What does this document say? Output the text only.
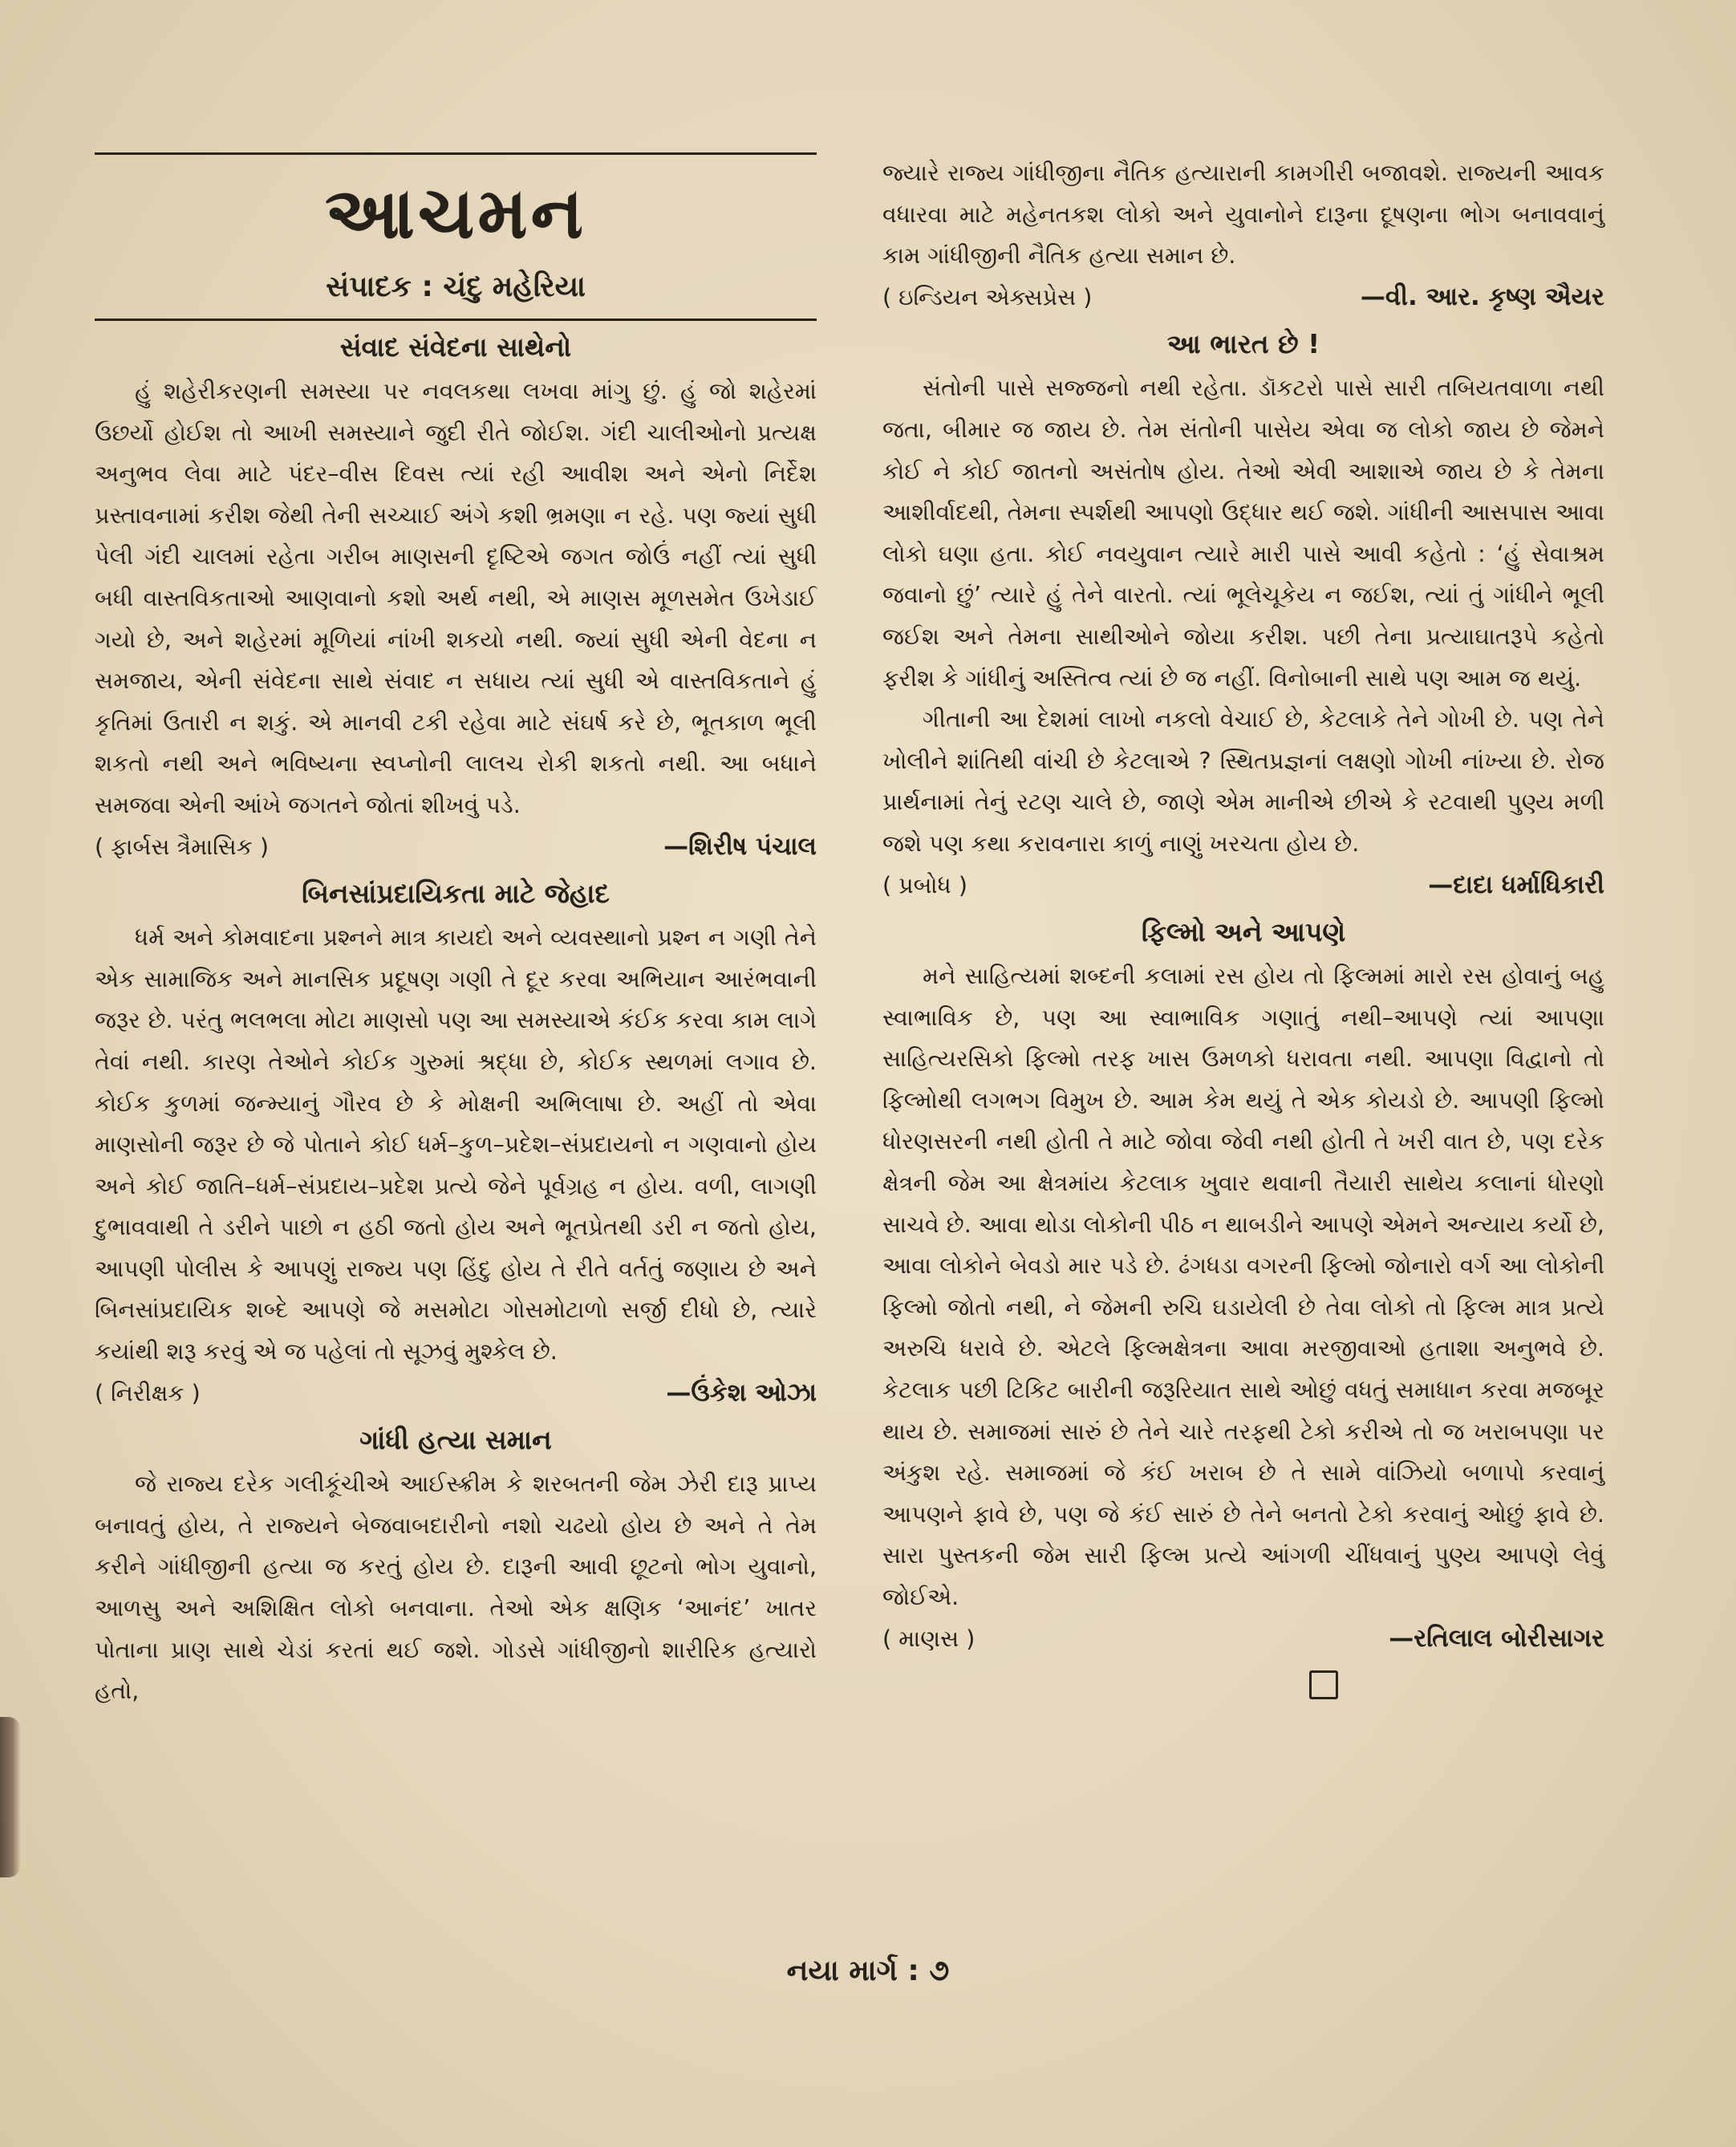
આચમન
સંપાદક : ચંદુ મહેરિયા
સંવાદ સંવેદના સાથેનો

હું શહેરીકરણની સમસ્યા પર નવલકથા લખવા માંગુ છું. હું જો શહેરમાં ઉછર્યો હોઈશ તો આખી સમસ્યાને જુદી રીતે જોઈશ. ગંદી ચાલીઓનો પ્રત્યક્ષ અનુભવ લેવા માટે પંદર–વીસ દિવસ ત્યાં રહી આવીશ અને એનો નિર્દેશ પ્રસ્તાવનામાં કરીશ જેથી તેની સચ્ચાઈ અંગે કશી ભ્રમણા ન રહે. પણ જ્યાં સુધી પેલી ગંદી ચાલમાં રહેતા ગરીબ માણસની દૃષ્ટિએ જગત જોઉં નહીં ત્યાં સુધી બધી વાસ્તવિકતાઓ આણવાનો કશો અર્થ નથી, એ માણસ મૂળસમેત ઉખેડાઈ ગયો છે, અને શહેરમાં મૂળિયાં નાંખી શકયો નથી. જ્યાં સુધી એની વેદના ન સમજાય, એની સંવેદના સાથે સંવાદ ન સધાય ત્યાં સુધી એ વાસ્તવિકતાને હું કૃતિમાં ઉતારી ન શકું. એ માનવી ટકી રહેવા માટે સંઘર્ષ કરે છે, ભૂતકાળ ભૂલી શકતો નથી અને ભવિષ્યના સ્વપ્નોની લાલચ રોકી શકતો નથી. આ બધાને સમજવા એની આંખે જગતને જોતાં શીખવું પડે.

( ફાર્બસ ત્રૈમાસિક )	—શિરીષ પંચાલ
બિનસાંપ્રદાયિકતા માટે જેહાદ

ધર્મ અને કોમવાદના પ્રશ્નને માત્ર કાયદો અને વ્યવસ્થાનો પ્રશ્ન ન ગણી તેને એક સામાજિક અને માનસિક પ્રદૂષણ ગણી તે દૂર કરવા અભિયાન આરંભવાની જરૂર છે. પરંતુ ભલભલા મોટા માણસો પણ આ સમસ્યાએ કંઈક કરવા કામ લાગે તેવાં નથી. કારણ તેઓને કોઈક ગુરુમાં શ્રદ્ધા છે, કોઈક સ્થળમાં લગાવ છે. કોઈક કુળમાં જન્મ્યાનું ગૌરવ છે કે મોક્ષની અભિલાષા છે. અહીં તો એવા માણસોની જરૂર છે જે પોતાને કોઈ ધર્મ–કુળ–પ્રદેશ–સંપ્રદાયનો ન ગણવાનો હોય અને કોઈ જાતિ–ધર્મ–સંપ્રદાય–પ્રદેશ પ્રત્યે જેને પૂર્વગ્રહ ન હોય. વળી, લાગણી દુભાવવાથી તે ડરીને પાછો ન હઠી જતો હોય અને ભૂતપ્રેતથી ડરી ન જતો હોય, આપણી પોલીસ કે આપણું રાજ્ય પણ હિંદુ હોય તે રીતે વર્તતું જણાય છે અને બિનસાંપ્રદાયિક શબ્દે આપણે જે મસમોટા ગોસમોટાળો સર્જી દીધો છે, ત્યારે કયાંથી શરૂ કરવું એ જ પહેલાં તો સૂઝવું મુશ્કેલ છે.

( નિરીક્ષક )	—ઉંકેશ ઓઝા
ગાંધી હત્યા સમાન

જે રાજ્ય દરેક ગલીકૂંચીએ આઈસ્ક્રીમ કે શરબતની જેમ ઝેરી દારૂ પ્રાપ્ય બનાવતું હોય, તે રાજ્યને બેજવાબદારીનો નશો ચઢયો હોય છે અને તે તેમ કરીને ગાંધીજીની હત્યા જ કરતું હોય છે. દારૂની આવી છૂટનો ભોગ યુવાનો, આળસુ અને અશિક્ષિત લોકો બનવાના. તેઓ એક ક્ષણિક ‘આનંદ’ ખાતર પોતાના પ્રાણ સાથે ચેડાં કરતાં થઈ જશે. ગોડસે ગાંધીજીનો શારીરિક હત્યારો હતો,

જ્યારે રાજ્ય ગાંધીજીના નૈતિક હત્યારાની કામગીરી બજાવશે. રાજ્યની આવક વધારવા માટે મહેનતકશ લોકો અને યુવાનોને દારૂના દૂષણના ભોગ બનાવવાનું કામ ગાંધીજીની નૈતિક હત્યા સમાન છે.

( ઇન્ડિયન એક્સપ્રેસ )	—વી. આર. કૃષ્ણ ઐયર
આ ભારત છે !

સંતોની પાસે સજ્જનો નથી રહેતા. ડૉકટરો પાસે સારી તબિયતવાળા નથી જતા, બીમાર જ જાય છે. તેમ સંતોની પાસેય એવા જ લોકો જાય છે જેમને કોઈ ને કોઈ જાતનો અસંતોષ હોય. તેઓ એવી આશાએ જાય છે કે તેમના આશીર્વાદથી, તેમના સ્પર્શથી આપણો ઉદ્ધાર થઈ જશે. ગાંધીની આસપાસ આવા લોકો ઘણા હતા. કોઈ નવયુવાન ત્યારે મારી પાસે આવી કહેતો : ‘હું સેવાશ્રમ જવાનો છું’ ત્યારે હું તેને વારતો. ત્યાં ભૂલેચૂકેય ન જઈશ, ત્યાં તું ગાંધીને ભૂલી જઈશ અને તેમના સાથીઓને જોયા કરીશ. પછી તેના પ્રત્યાઘાતરૂપે કહેતો ફરીશ કે ગાંધીનું અસ્તિત્વ ત્યાં છે જ નહીં. વિનોબાની સાથે પણ આમ જ થયું.

ગીતાની આ દેશમાં લાખો નકલો વેચાઈ છે, કેટલાકે તેને ગોખી છે. પણ તેને ખોલીને શાંતિથી વાંચી છે કેટલાએ ? સ્થિતપ્રજ્ઞનાં લક્ષણો ગોખી નાંખ્યા છે. રોજ પ્રાર્થનામાં તેનું રટણ ચાલે છે, જાણે એમ માનીએ છીએ કે રટવાથી પુણ્ય મળી જશે પણ કથા કરાવનારા કાળું નાણું ખરચતા હોય છે.

( પ્રબોધ )	—દાદા ધર્માધિકારી
ફિલ્મો અને આપણે

મને સાહિત્યમાં શબ્દની કલામાં રસ હોય તો ફિલ્મમાં મારો રસ હોવાનું બહુ સ્વાભાવિક છે, પણ આ સ્વાભાવિક ગણાતું નથી–આપણે ત્યાં આપણા સાહિત્યરસિકો ફિલ્મો તરફ ખાસ ઉમળકો ધરાવતા નથી. આપણા વિદ્વાનો તો ફિલ્મોથી લગભગ વિમુખ છે. આમ કેમ થયું તે એક કોયડો છે. આપણી ફિલ્મો ધોરણસરની નથી હોતી તે માટે જોવા જેવી નથી હોતી તે ખરી વાત છે, પણ દરેક ક્ષેત્રની જેમ આ ક્ષેત્રમાંય કેટલાક ખુવાર થવાની તૈયારી સાથેય કલાનાં ધોરણો સાચવે છે. આવા થોડા લોકોની પીઠ ન થાબડીને આપણે એમને અન્યાય કર્યો છે, આવા લોકોને બેવડો માર પડે છે. ઢંગધડા વગરની ફિલ્મો જોનારો વર્ગ આ લોકોની ફિલ્મો જોતો નથી, ને જેમની રુચિ ઘડાયેલી છે તેવા લોકો તો ફિલ્મ માત્ર પ્રત્યે અરુચિ ધરાવે છે. એટલે ફિલ્મક્ષેત્રના આવા મરજીવાઓ હતાશા અનુભવે છે. કેટલાક પછી ટિકિટ બારીની જરૂરિયાત સાથે ઓછું વધતું સમાધાન કરવા મજબૂર થાય છે. સમાજમાં સારું છે તેને ચારે તરફથી ટેકો કરીએ તો જ ખરાબપણા પર અંકુશ રહે. સમાજમાં જે કંઈ ખરાબ છે તે સામે વાંઝિયો બળાપો કરવાનું આપણને ફાવે છે, પણ જે કંઈ સારું છે તેને બનતો ટેકો કરવાનું ઓછું ફાવે છે. સારા પુસ્તકની જેમ સારી ફિલ્મ પ્રત્યે આંગળી ચીંધવાનું પુણ્ય આપણે લેવું જોઈએ.

( માણસ )	—રતિલાલ બોરીસાગર
નયા માર્ગ : ૭
